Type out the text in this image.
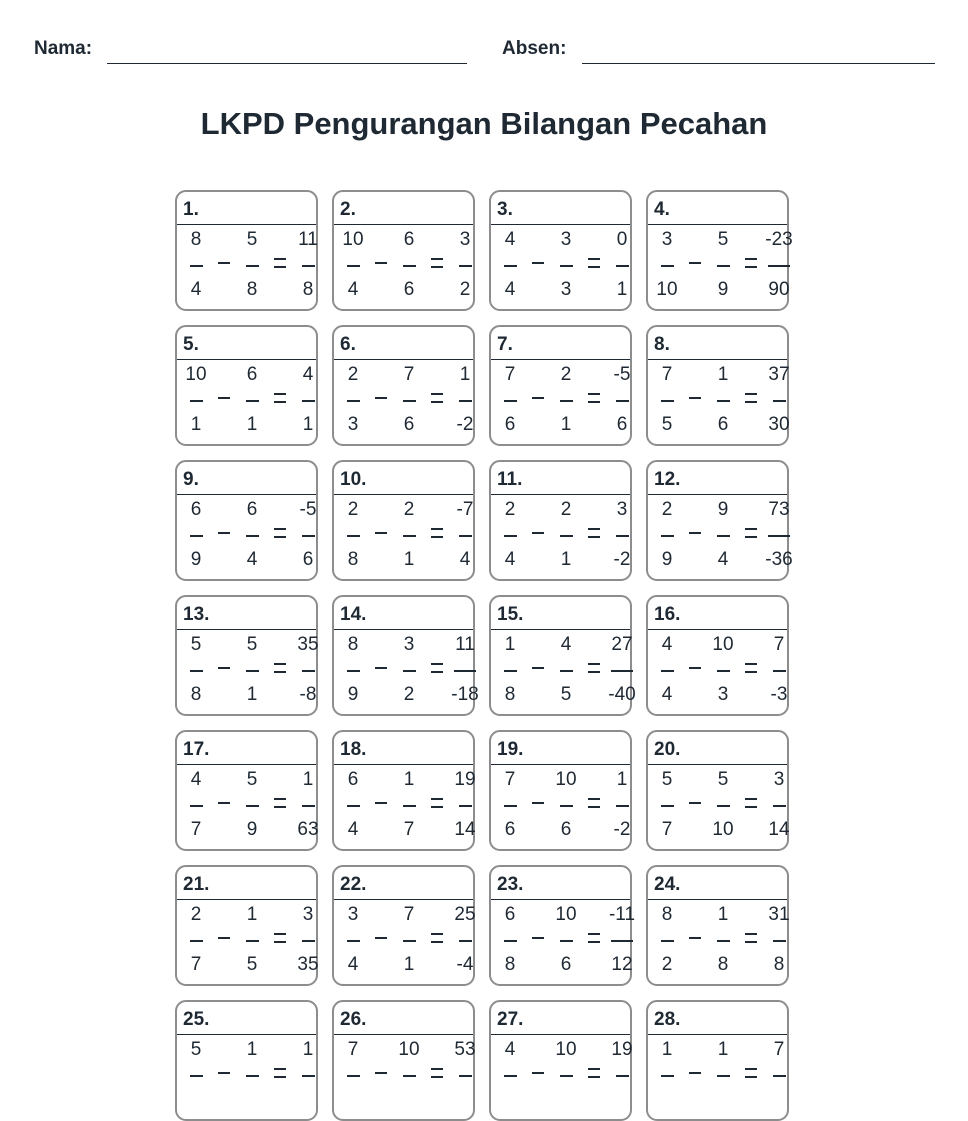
Nama:	Absen:
LKPD Pengurangan Bilangan Pecahan
1.
$\frac{8}{4} \frac{5}{8} \frac{11}{8}$
2.
$\frac{10}{4} \frac{6}{6} \frac{3}{2}$
3.
$\frac{4}{4} \frac{3}{3} \frac{0}{1}$
4.
$\frac{3}{10} \frac{5}{9} \frac{-23}{90}$
5.
$\frac{10}{1} \frac{6}{1} \frac{4}{1}$
6.
$\frac{2}{3} \frac{7}{6} \frac{1}{-2}$
7.
$\frac{7}{6} \frac{2}{1} \frac{-5}{6}$
8.
$\frac{7}{5} \frac{1}{6} \frac{37}{30}$
9.
$\frac{6}{9} \frac{6}{4} \frac{-5}{6}$
10.
$\frac{2}{8} \frac{2}{1} \frac{-7}{4}$
11.
$\frac{2}{4} \frac{2}{1} \frac{3}{-2}$
12.
$\frac{2}{9} \frac{9}{4} \frac{73}{-36}$
13.
$\frac{5}{8} \frac{5}{1} \frac{35}{-8}$
14.
$\frac{8}{9} \frac{3}{2} \frac{11}{-18}$
15.
$\frac{1}{8} \frac{4}{5} \frac{27}{-40}$
16.
$\frac{4}{4} \frac{10}{3} \frac{7}{-3}$
17.
$\frac{4}{7} \frac{5}{9} \frac{1}{63}$
18.
$\frac{6}{4} \frac{1}{7} \frac{19}{14}$
19.
$\frac{7}{6} \frac{10}{6} \frac{1}{-2}$
20.
$\frac{5}{7} \frac{5}{10} \frac{3}{14}$
21.
$\frac{2}{7} \frac{1}{5} \frac{3}{35}$
22.
$\frac{3}{4} \frac{7}{1} \frac{25}{-4}$
23.
$\frac{6}{8} \frac{10}{6} \frac{-11}{12}$
24.
$\frac{8}{2} \frac{1}{8} \frac{31}{8}$
25.
5 1 1
26.
7 10 53
27.
4 10 19
28.
1 1 7
